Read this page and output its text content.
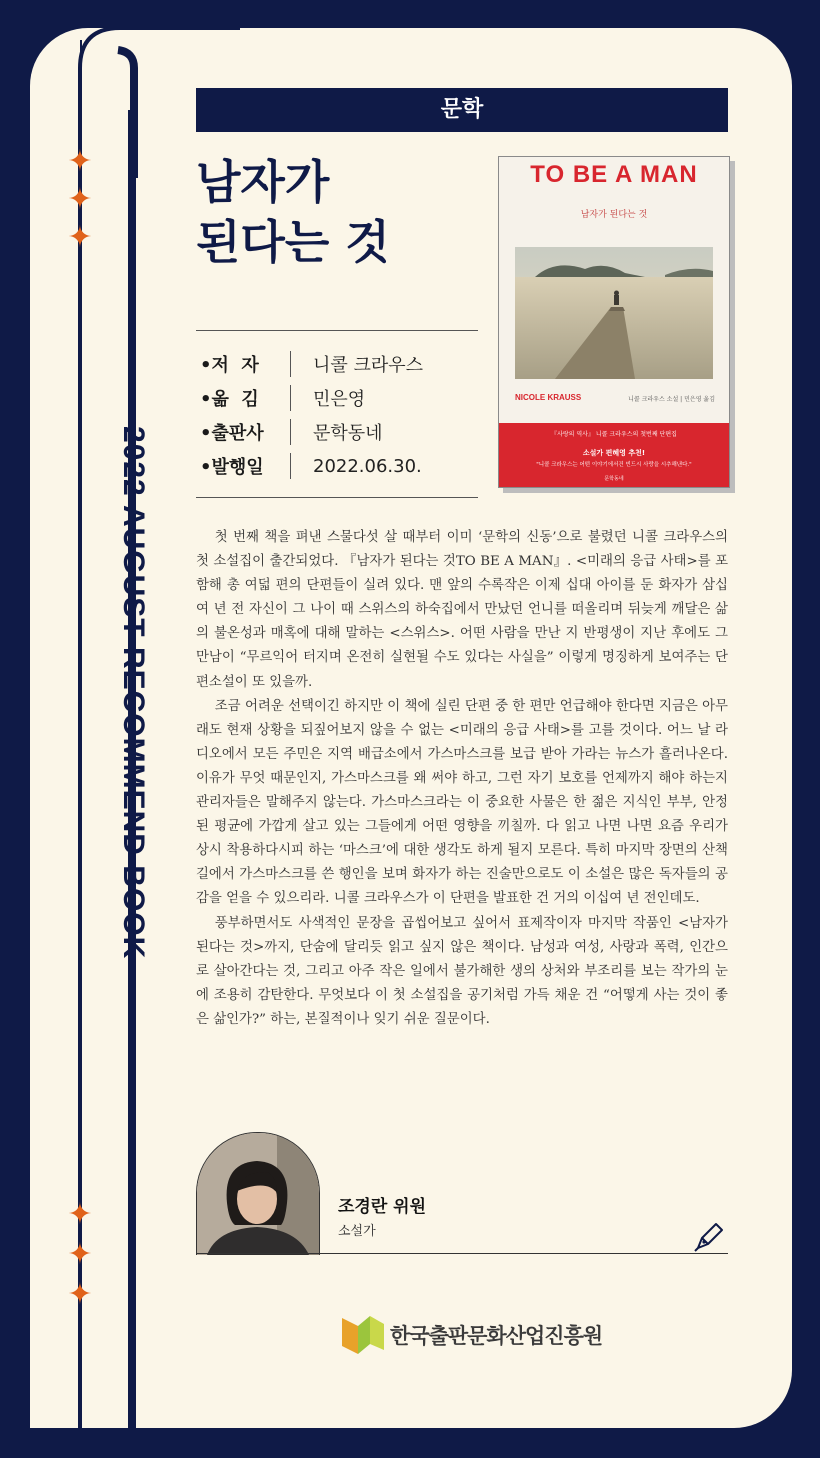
✦
✦
✦
2022 AUGUST RECOMMEND BOOK
✦
✦
✦
문학
남자가
된다는 것
•저  자	니콜 크라우스
•옮  김	민은영
•출판사	문학동네
•발행일	2022.06.30.
TO BE A MAN
남자가 된다는 것
NICOLE KRAUSS	니콜 크라우스 소설 | 민은영 옮김
『사랑의 역사』 니콜 크라우스의 첫번째 단편집
소설가 편혜영 추천!
"니콜 크라우스는 어떤 이야기에서건 빈드시 사랑을 시추해낸다."
문학동네

첫 번째 책을 펴낸 스물다섯 살 때부터 이미 ‘문학의 신동’으로 불렸던 니콜 크라우스의 첫 소설집이 출간되었다. 『남자가 된다는 것TO BE A MAN』. <미래의 응급 사태>를 포함해 총 여덟 편의 단편들이 실려 있다. 맨 앞의 수록작은 이제 십대 아이를 둔 화자가 삼십여 년 전 자신이 그 나이 때 스위스의 하숙집에서 만났던 언니를 떠올리며 뒤늦게 깨달은 삶의 불온성과 매혹에 대해 말하는 <스위스>. 어떤 사람을 만난 지 반평생이 지난 후에도 그 만남이 “무르익어 터지며 온전히 실현될 수도 있다는 사실을” 이렇게 명징하게 보여주는 단편소설이 또 있을까.

조금 어려운 선택이긴 하지만 이 책에 실린 단편 중 한 편만 언급해야 한다면 지금은 아무래도 현재 상황을 되짚어보지 않을 수 없는 <미래의 응급 사태>를 고를 것이다. 어느 날 라디오에서 모든 주민은 지역 배급소에서 가스마스크를 보급 받아 가라는 뉴스가 흘러나온다. 이유가 무엇 때문인지, 가스마스크를 왜 써야 하고, 그런 자기 보호를 언제까지 해야 하는지 관리자들은 말해주지 않는다. 가스마스크라는 이 중요한 사물은 한 젊은 지식인 부부, 안정된 평균에 가깝게 살고 있는 그들에게 어떤 영향을 끼칠까. 다 읽고 나면 나면 요즘 우리가 상시 착용하다시피 하는 ‘마스크’에 대한 생각도 하게 될지 모른다. 특히 마지막 장면의 산책길에서 가스마스크를 쓴 행인을 보며 화자가 하는 진술만으로도 이 소설은 많은 독자들의 공감을 얻을 수 있으리라. 니콜 크라우스가 이 단편을 발표한 건 거의 이십여 년 전인데도.

풍부하면서도 사색적인 문장을 곱씹어보고 싶어서 표제작이자 마지막 작품인 <남자가 된다는 것>까지, 단숨에 달리듯 읽고 싶지 않은 책이다. 남성과 여성, 사랑과 폭력, 인간으로 살아간다는 것, 그리고 아주 작은 일에서 불가해한 생의 상처와 부조리를 보는 작가의 눈에 조용히 감탄한다. 무엇보다 이 첫 소설집을 공기처럼 가득 채운 건 “어떻게 사는 것이 좋은 삶인가?” 하는, 본질적이나 잊기 쉬운 질문이다.

조경란 위원
소설가
한국출판문화산업진흥원
